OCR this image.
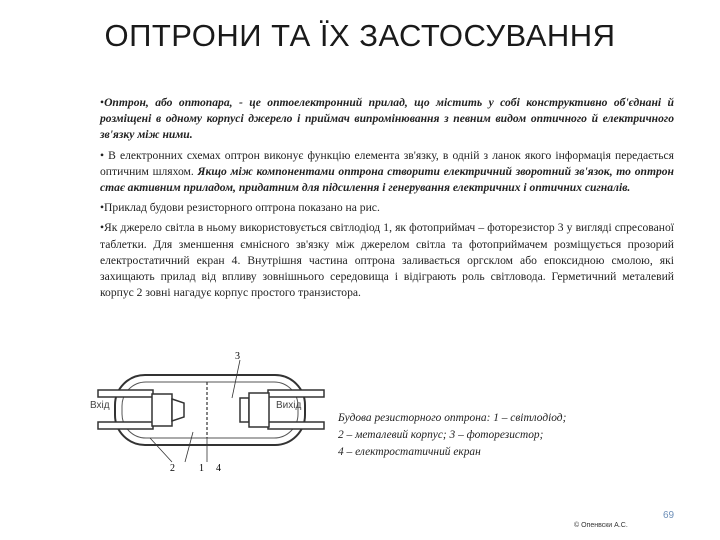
ОПТРОНИ ТА ЇХ ЗАСТОСУВАННЯ

•Оптрон, або оптопара, - це оптоелектронний прилад, що містить у собі конструктивно об'єднані й розміщені в одному корпусі джерело і приймач випромінювання з певним видом оптичного й електричного зв'язку між ними.

• В електронних схемах оптрон виконує функцію елемента зв'язку, в одній з ланок якого інформація передається оптичним шляхом. Якщо між компонентами оптрона створити електричний зворотний зв'язок, то оптрон стає активним приладом, придатним для підсилення і генерування електричних і оптичних сигналів.

•Приклад будови резисторного оптрона показано на рис.

•Як джерело світла в ньому використовується світлодіод 1, як фотоприймач – фоторезистор 3 у вигляді спресованої таблетки. Для зменшення ємнісного зв'язку між джерелом світла та фотоприймачем розміщується прозорий електростатичний екран 4. Внутрішня частина оптрона заливається оргсклом або епоксидною смолою, які захищають прилад від впливу зовнішнього середовища і відіграють роль світловода. Герметичний металевий корпус 2 зовні нагадує корпус простого транзистора.

3
Вхід	Вихід
2 1 4
Будова резисторного оптрона: 1 – світлодіод;
2 – металевий корпус; 3 – фоторезистор;
4 – електростатичний екран
69
© Опенвски А.С.
